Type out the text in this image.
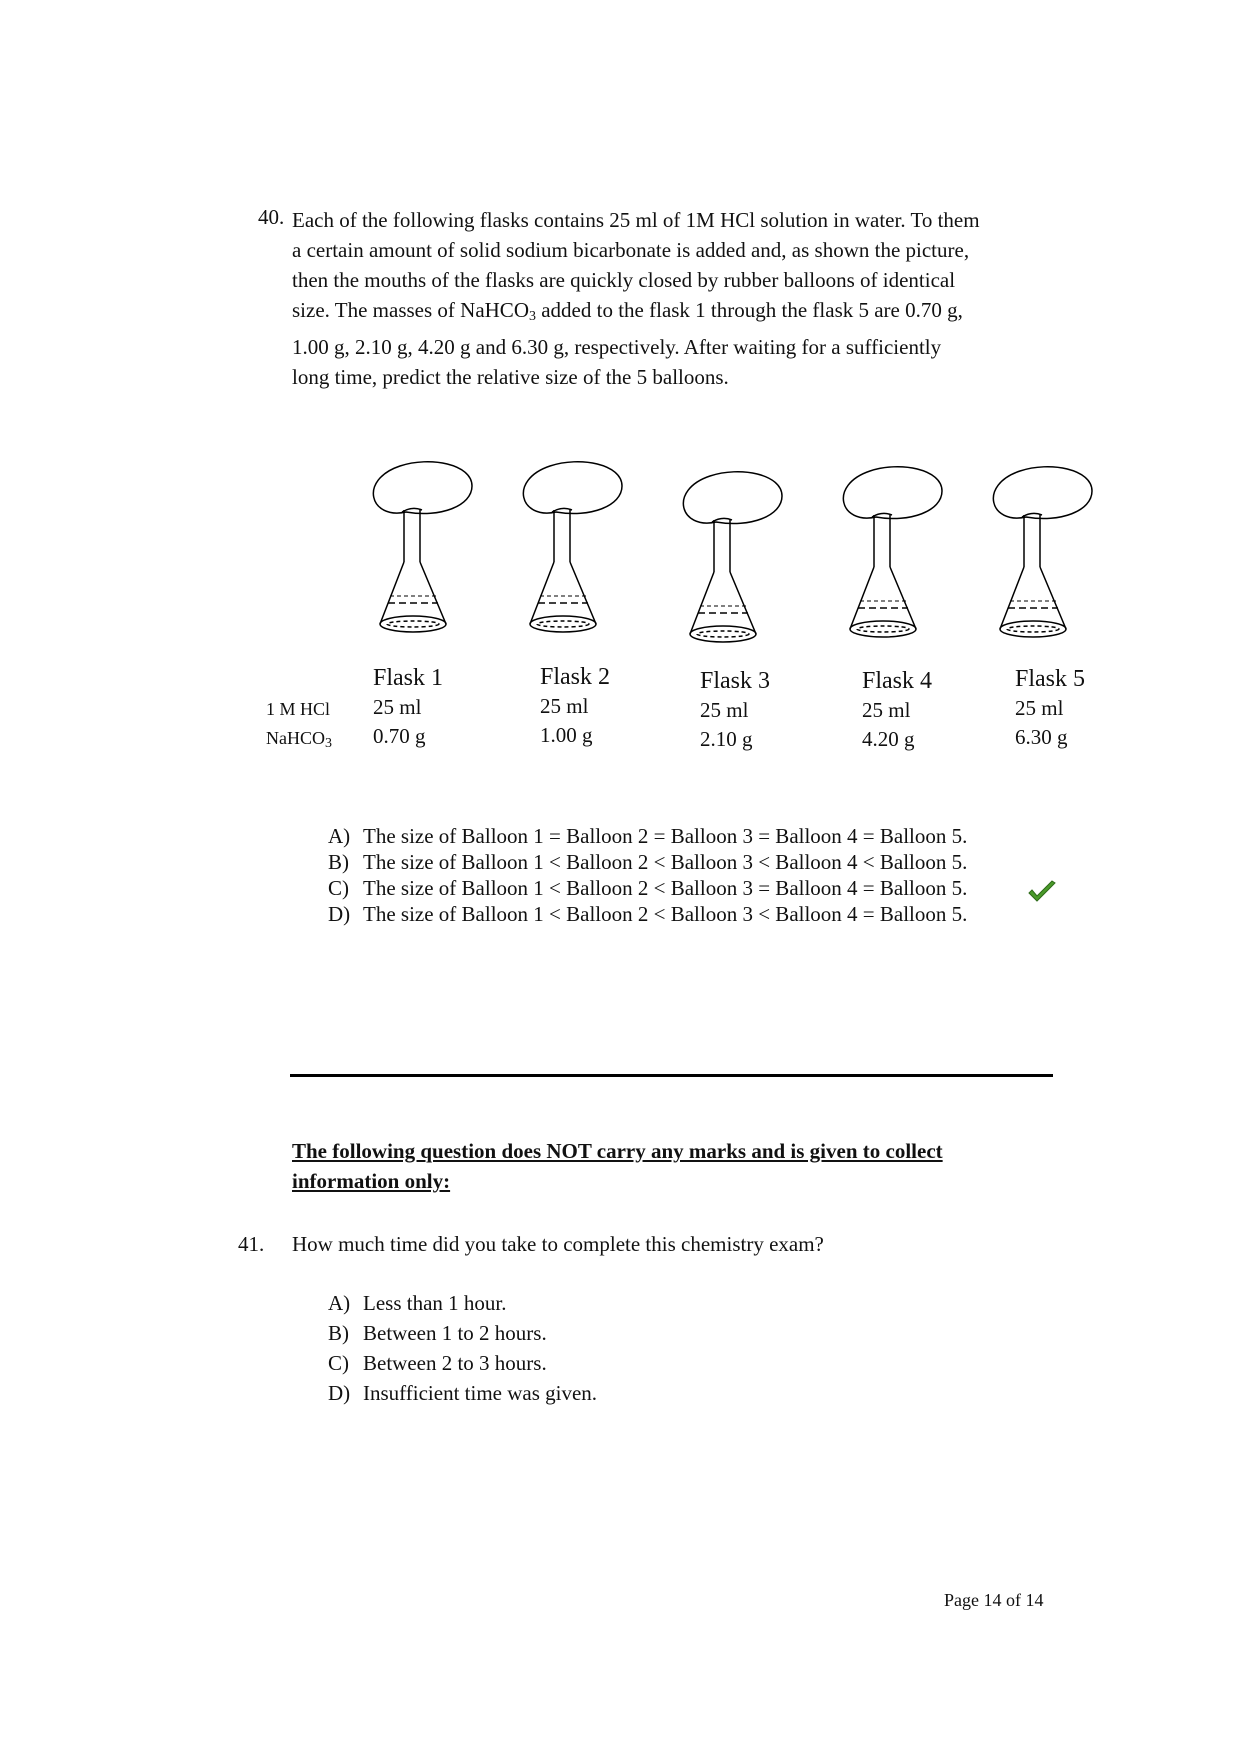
40. Each of the following flasks contains 25 ml of 1M HCl solution in water. To them

a certain amount of solid sodium bicarbonate is added and, as shown the picture,

then the mouths of the flasks are quickly closed by rubber balloons of identical

size. The masses of NaHCO$_3$ added to the flask 1 through the flask 5 are 0.70 g,

1.00 g, 2.10 g, 4.20 g and 6.30 g, respectively. After waiting for a sufficiently

long time, predict the relative size of the 5 balloons.

1 M HCl
NaHCO$_3$
Flask 1
25 ml
0.70 g
Flask 2
25 ml
1.00 g
Flask 3
25 ml
2.10 g
Flask 4
25 ml
4.20 g
Flask 5
25 ml
6.30 g
A) The size of Balloon 1 = Balloon 2 = Balloon 3 = Balloon 4 = Balloon 5.
B) The size of Balloon 1 < Balloon 2 < Balloon 3 < Balloon 4 < Balloon 5.
C) The size of Balloon 1 < Balloon 2 < Balloon 3 = Balloon 4 = Balloon 5.
D) The size of Balloon 1 < Balloon 2 < Balloon 3 < Balloon 4 = Balloon 5.

The following question does NOT carry any marks and is given to collect

information only:

41. How much time did you take to complete this chemistry exam?
A) Less than 1 hour.
B) Between 1 to 2 hours.
C) Between 2 to 3 hours.
D) Insufficient time was given.
Page 14 of 14
